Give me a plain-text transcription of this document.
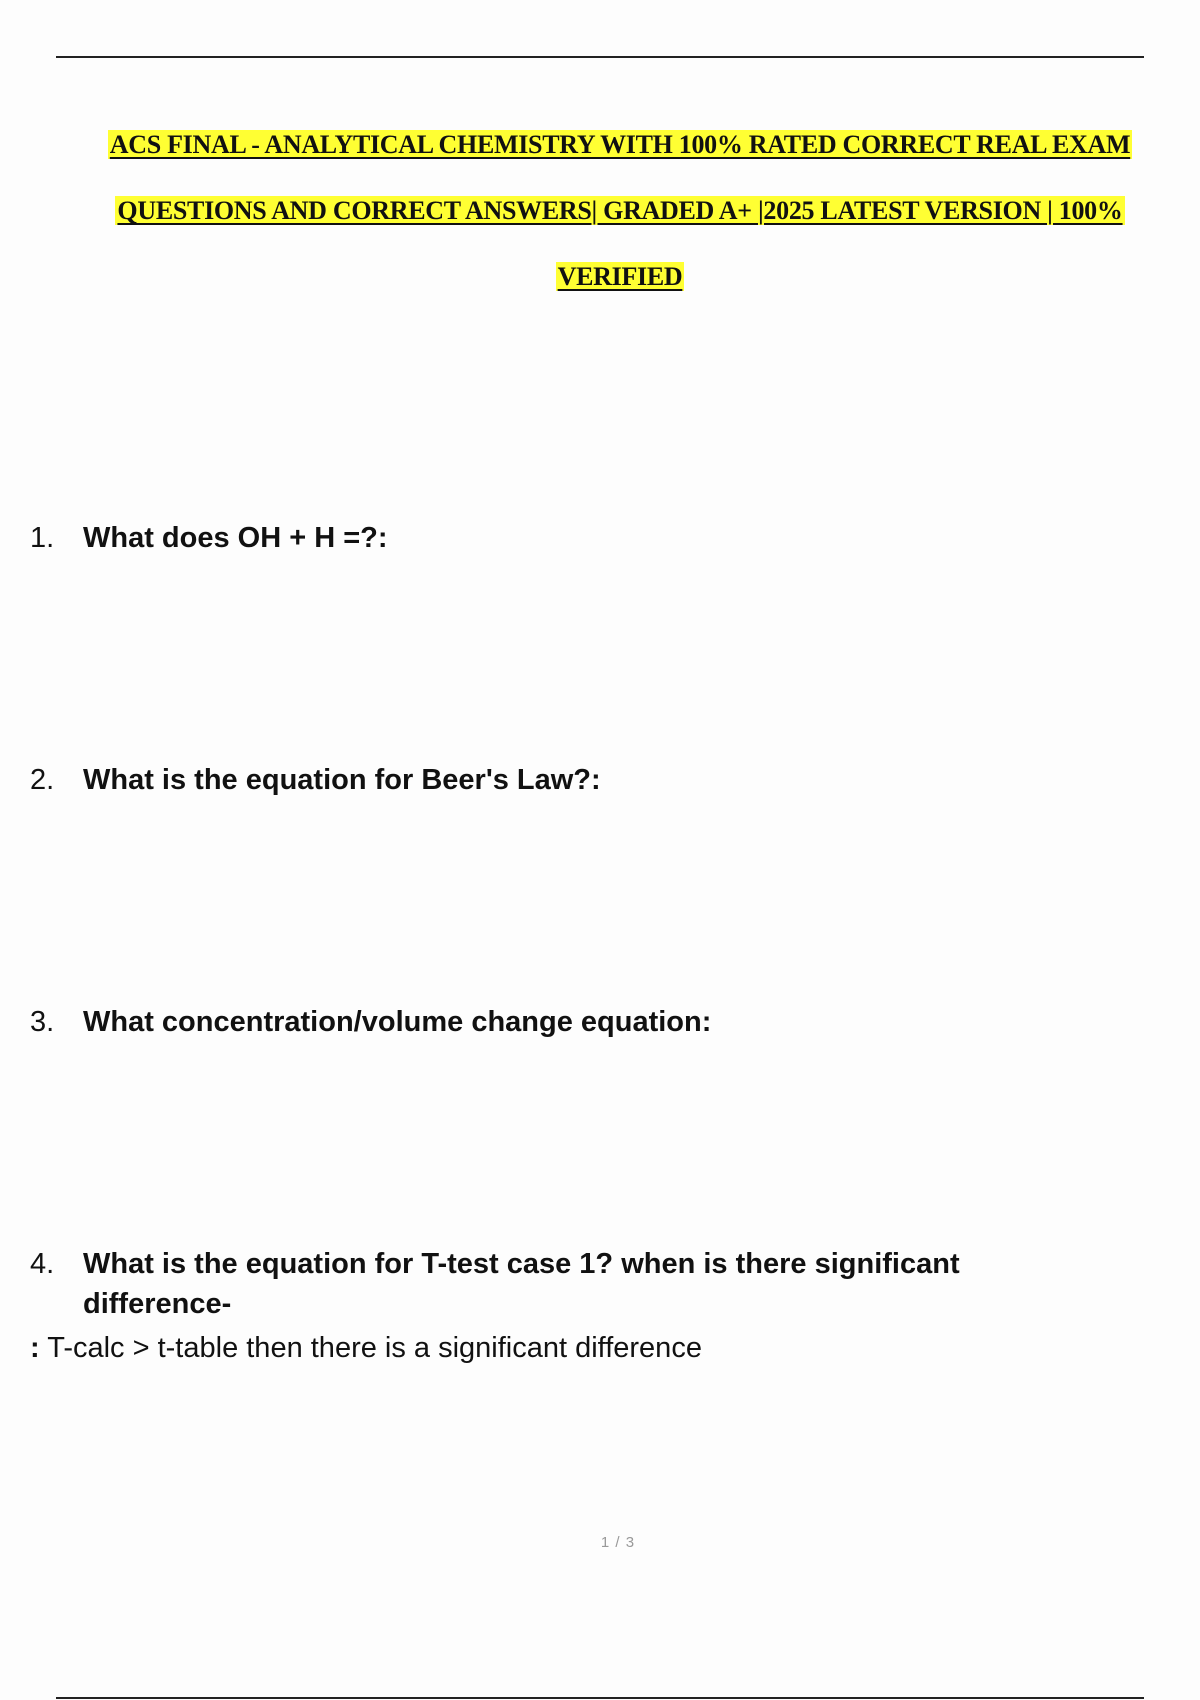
ACS FINAL - ANALYTICAL CHEMISTRY WITH 100% RATED CORRECT REAL EXAM
QUESTIONS AND CORRECT ANSWERS| GRADED A+ |2025 LATEST VERSION | 100%
VERIFIED
1. What does OH + H =?:
2. What is the equation for Beer's Law?:
3. What concentration/volume change equation:
4. What is the equation for T-test case 1? when is there significant difference-
: T-calc > t-table then there is a significant difference
1 / 3
